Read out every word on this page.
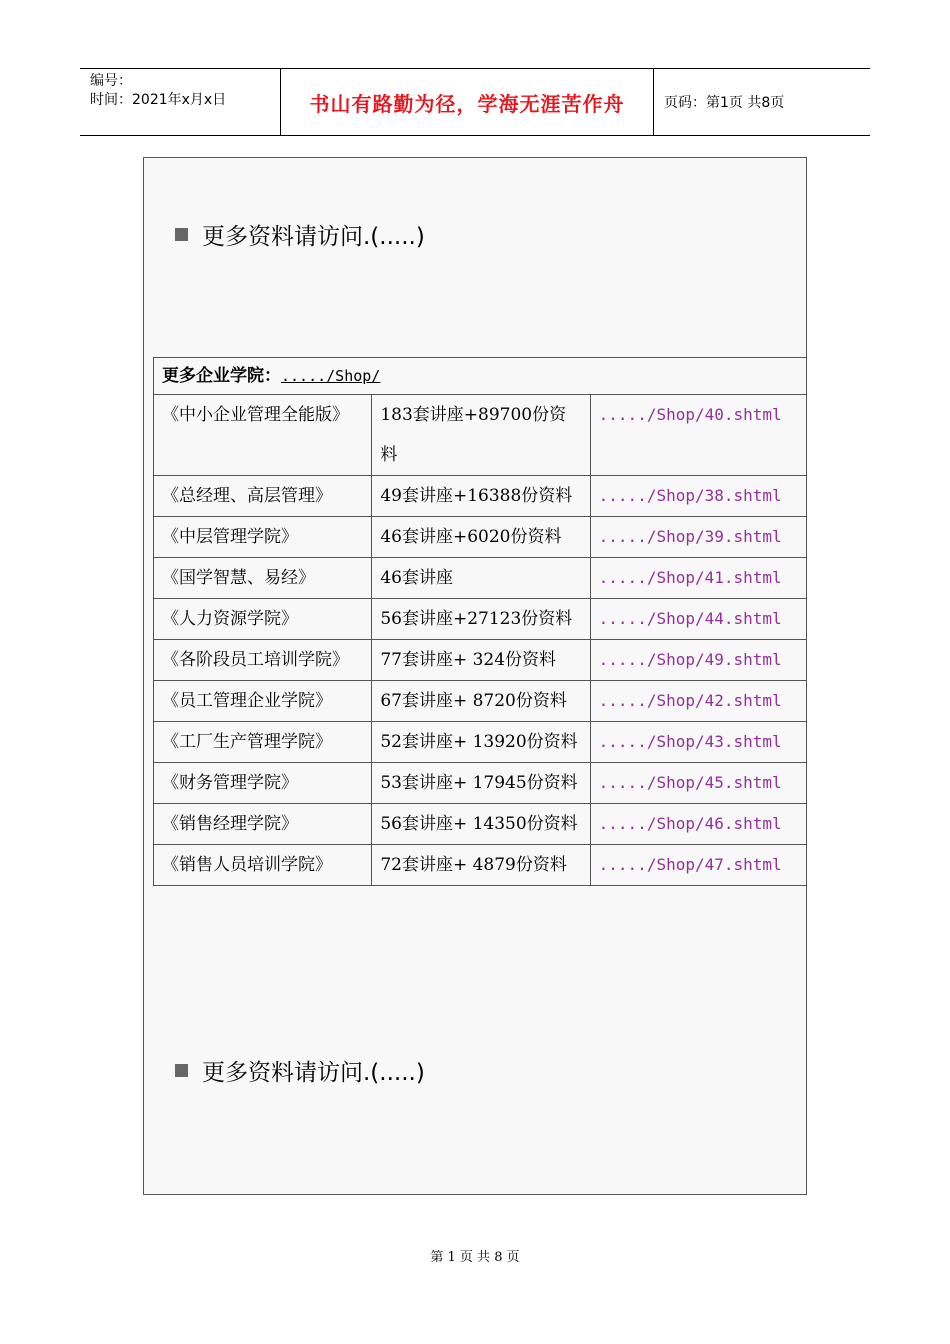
编号：
时间：2021年x月x日	书山有路勤为径，学海无涯苦作舟	页码：第1页 共8页
更多资料请访问.(.....)
更多企业学院：...../Shop/		
《中小企业管理全能版》	183套讲座+89700份资料	...../Shop/40.shtml
《总经理、高层管理》	49套讲座+16388份资料	...../Shop/38.shtml
《中层管理学院》	46套讲座+6020份资料	...../Shop/39.shtml
《国学智慧、易经》	46套讲座	...../Shop/41.shtml
《人力资源学院》	56套讲座+27123份资料	...../Shop/44.shtml
《各阶段员工培训学院》	77套讲座+ 324份资料	...../Shop/49.shtml
《员工管理企业学院》	67套讲座+ 8720份资料	...../Shop/42.shtml
《工厂生产管理学院》	52套讲座+ 13920份资料	...../Shop/43.shtml
《财务管理学院》	53套讲座+ 17945份资料	...../Shop/45.shtml
《销售经理学院》	56套讲座+ 14350份资料	...../Shop/46.shtml
《销售人员培训学院》	72套讲座+ 4879份资料	...../Shop/47.shtml
更多资料请访问.(.....)
第 1 页 共 8 页
